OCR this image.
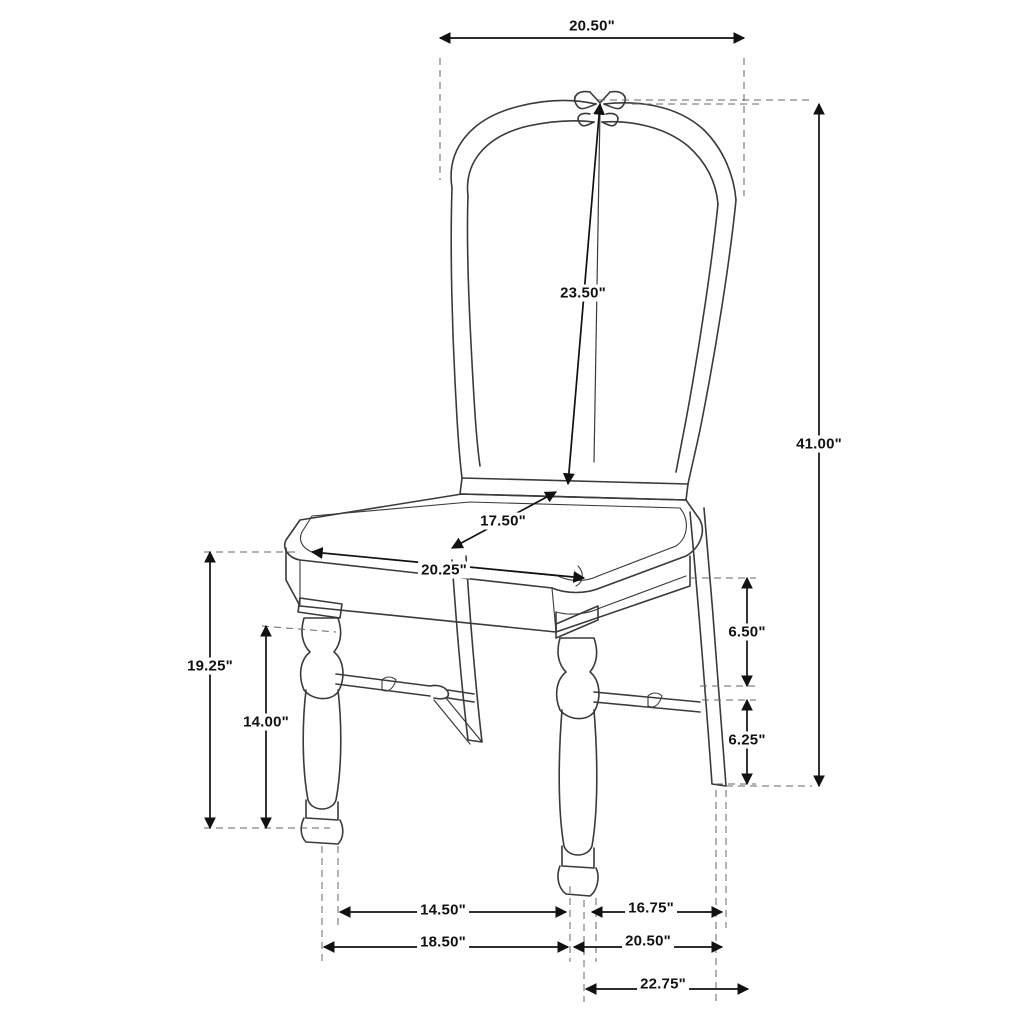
20.50"
41.00"
23.50"
17.50"
20.25"
19.25"
14.00"
6.50"
6.25"
14.50"	16.75"
18.50"	20.50"
22.75"
